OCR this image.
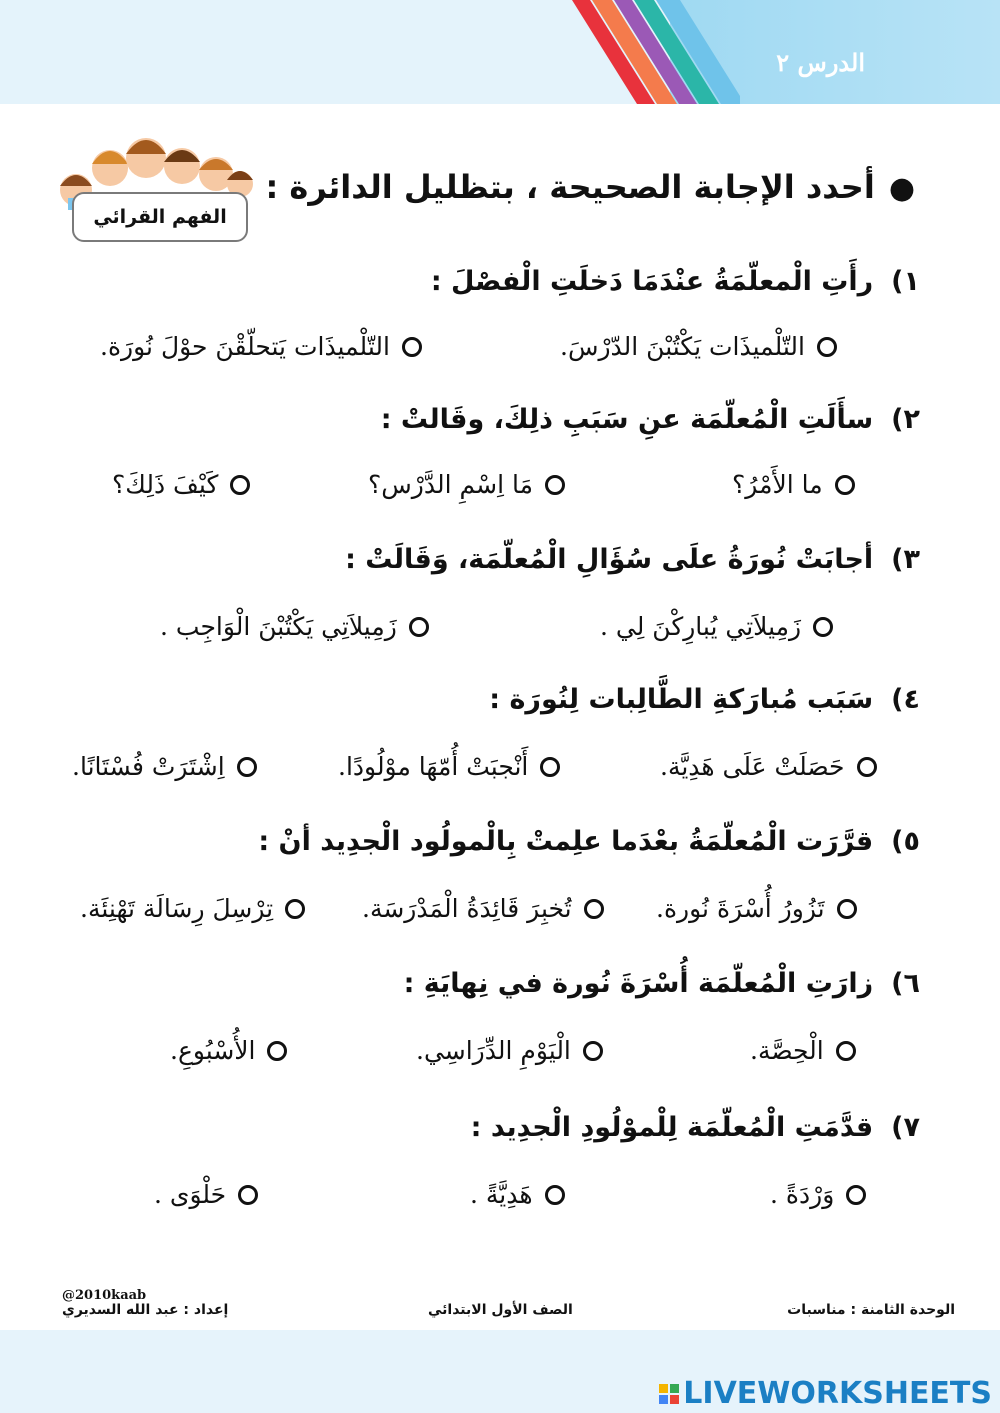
الدرس ٢
الفهم القرائي
●أحدد الإجابة الصحيحة ، بتظليل الدائرة :
١)رأَتِ الْمعلّمَةُ عنْدَمَا دَخلَتِ الْفصْلَ :
التّلْميذَات يَتحلّقْنَ حوْلَ نُورَة.	التّلْميذَات يَكْتُبْنَ الدّرْسَ.
٢)سأَلَتِ الْمُعلّمَة عنِ سَبَبِ ذلِكَ، وقَالتْ :
كَيْفَ ذَلِكَ؟	مَا اِسْمِ الدَّرْس؟	ما الأَمْرُ؟
٣)أجابَتْ نُورَةُ علَى سُؤَالِ الْمُعلّمَة، وَقَالَتْ :
زَمِيلاَتِي يَكْتُبْنَ الْوَاجِب .	زَمِيلاَتِي يُبارِكْنَ لِي .
٤)سَبَب مُبارَكةِ الطَّالِبات لِنُورَة :
اِشْتَرَتْ فُسْتَانًا.	أَنْجبَتْ أُمّهَا موْلُودًا.	حَصَلَتْ عَلَى هَدِيَّة.
٥)قرَّرَت الْمُعلّمَةُ بعْدَما علِمتْ بِالْمولُود الْجدِيد أنْ :
تِرْسِلَ رِسَالَة تَهْنِئَة.	تُخبِرَ قَائِدَةُ الْمَدْرَسَة.	تَزُورُ أُسْرَةَ نُورة.
٦)زارَتِ الْمُعلّمَة أُسْرَةَ نُورة في نِهايَةِ :
الأُسْبُوعِ.	الْيَوْمِ الدِّرَاسِي.	الْحِصَّة.
٧)قدَّمَتِ الْمُعلّمَة لِلْموْلُودِ الْجدِيد :
حَلْوَى .	هَدِيَّةً .	وَرْدَةً .
@2010kaab
الوحدة الثامنة : مناسبات
الصف الأول الابتدائي
إعداد : عبد الله السديري
LIVEWORKSHEETS
